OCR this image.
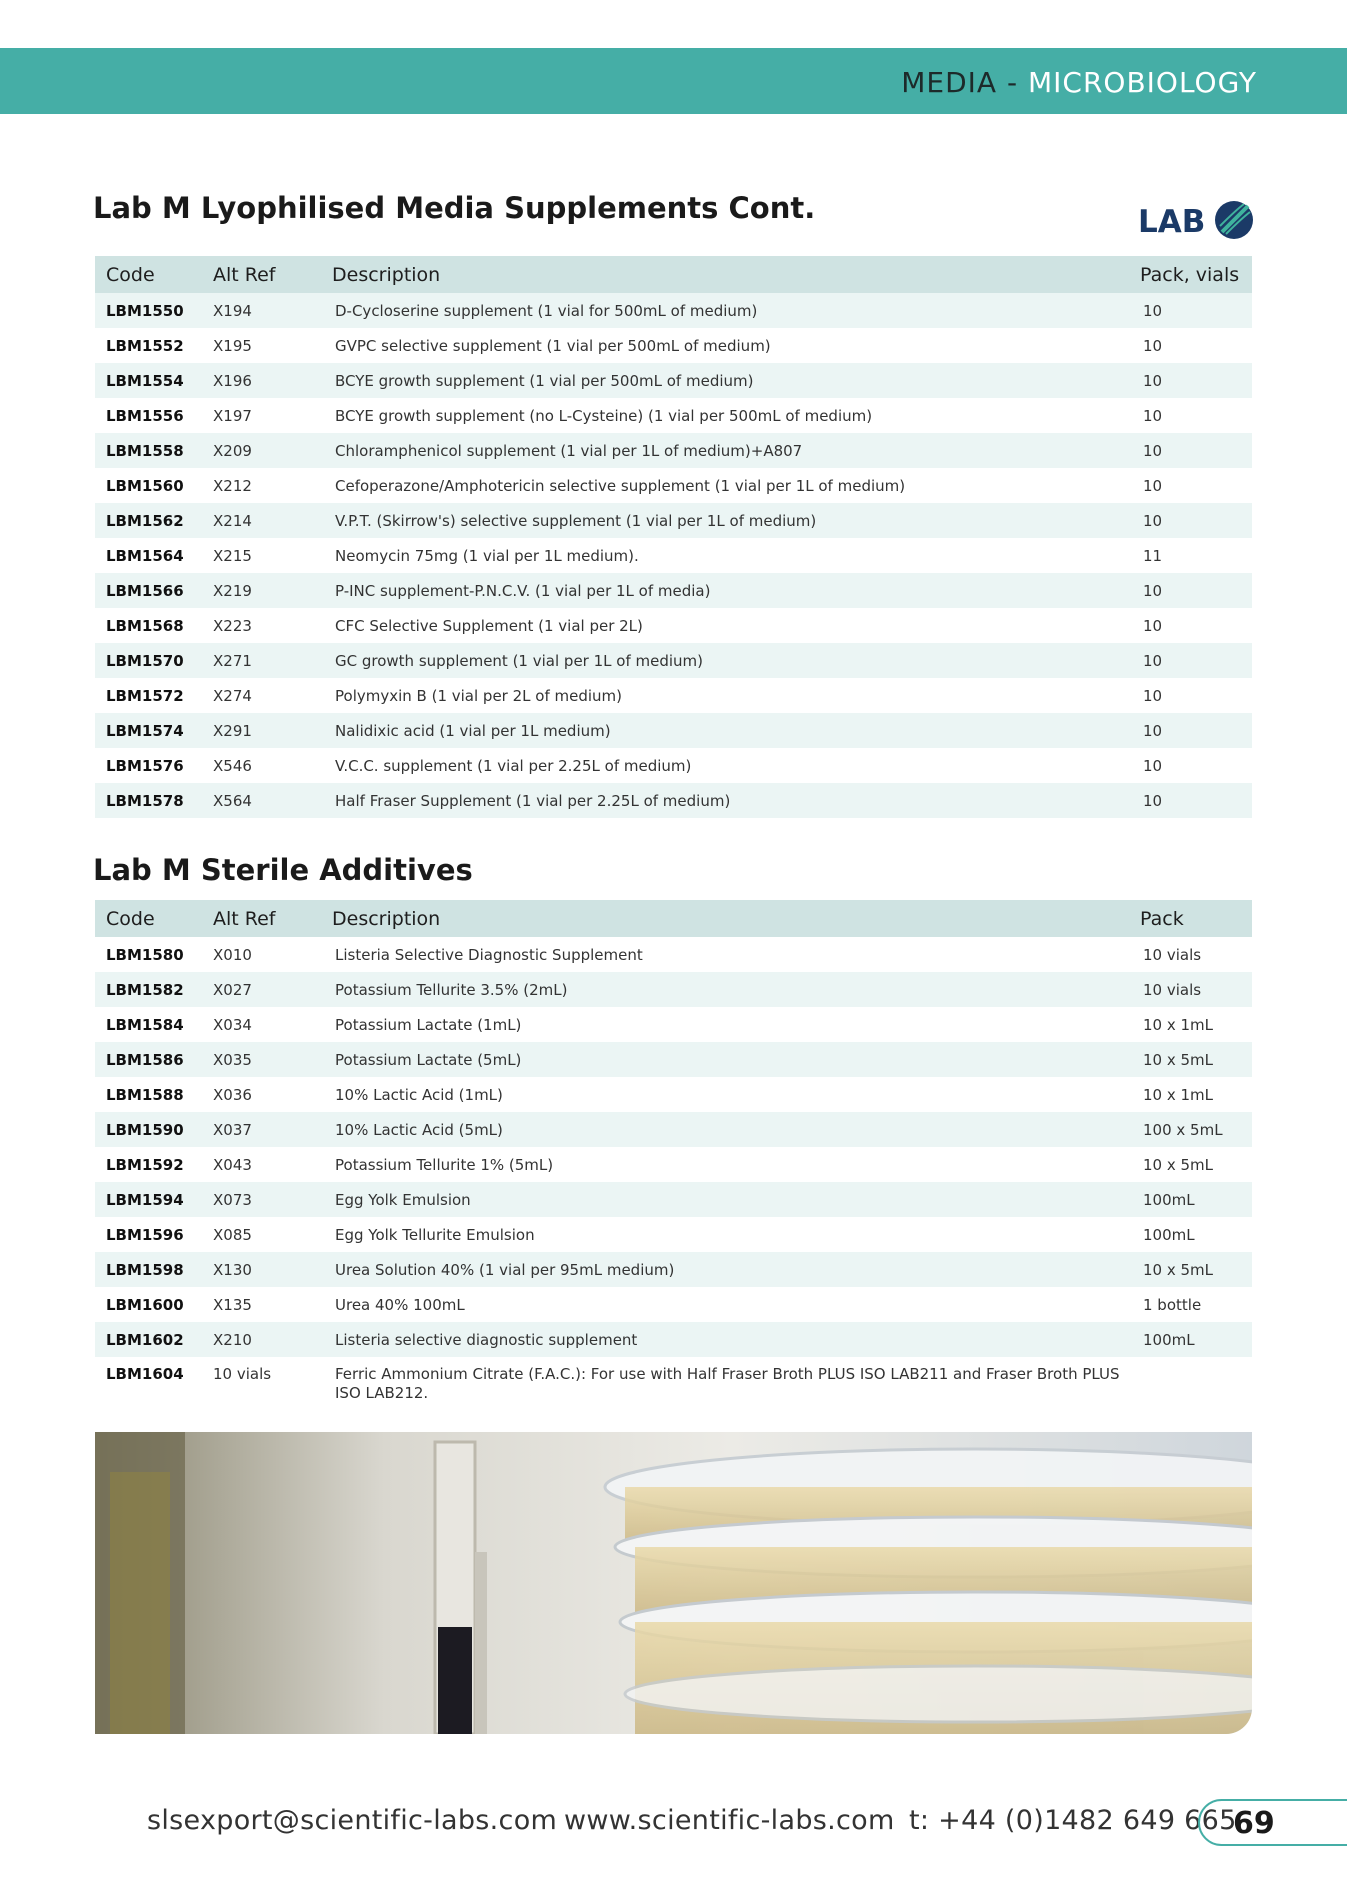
MEDIA - MICROBIOLOGY
Lab M Lyophilised Media Supplements Cont.	LAB
Code	Alt Ref	Description	Pack, vials
LBM1550	X194	D-Cycloserine supplement (1 vial for 500mL of medium)	10
LBM1552	X195	GVPC selective supplement (1 vial per 500mL of medium)	10
LBM1554	X196	BCYE growth supplement (1 vial per 500mL of medium)	10
LBM1556	X197	BCYE growth supplement (no L-Cysteine) (1 vial per 500mL of medium)	10
LBM1558	X209	Chloramphenicol supplement (1 vial per 1L of medium)+A807	10
LBM1560	X212	Cefoperazone/Amphotericin selective supplement (1 vial per 1L of medium)	10
LBM1562	X214	V.P.T. (Skirrow's) selective supplement (1 vial per 1L of medium)	10
LBM1564	X215	Neomycin 75mg (1 vial per 1L medium).	11
LBM1566	X219	P-INC supplement-P.N.C.V. (1 vial per 1L of media)	10
LBM1568	X223	CFC Selective Supplement (1 vial per 2L)	10
LBM1570	X271	GC growth supplement (1 vial per 1L of medium)	10
LBM1572	X274	Polymyxin B (1 vial per 2L of medium)	10
LBM1574	X291	Nalidixic acid (1 vial per 1L medium)	10
LBM1576	X546	V.C.C. supplement (1 vial per 2.25L of medium)	10
LBM1578	X564	Half Fraser Supplement (1 vial per 2.25L of medium)	10
Lab M Sterile Additives
Code	Alt Ref	Description	Pack
LBM1580	X010	Listeria Selective Diagnostic Supplement	10 vials
LBM1582	X027	Potassium Tellurite 3.5% (2mL)	10 vials
LBM1584	X034	Potassium Lactate (1mL)	10 x 1mL
LBM1586	X035	Potassium Lactate (5mL)	10 x 5mL
LBM1588	X036	10% Lactic Acid (1mL)	10 x 1mL
LBM1590	X037	10% Lactic Acid (5mL)	100 x 5mL
LBM1592	X043	Potassium Tellurite 1% (5mL)	10 x 5mL
LBM1594	X073	Egg Yolk Emulsion	100mL
LBM1596	X085	Egg Yolk Tellurite Emulsion	100mL
LBM1598	X130	Urea Solution 40% (1 vial per 95mL medium)	10 x 5mL
LBM1600	X135	Urea 40% 100mL	1 bottle
LBM1602	X210	Listeria selective diagnostic supplement	100mL
LBM1604	10 vials	Ferric Ammonium Citrate (F.A.C.): For use with Half Fraser Broth PLUS ISO LAB211 and Fraser Broth PLUS ISO LAB212.	
slsexport@scientific-labs.com www.scientific-labs.com t: +44 (0)1482 649 665
69
